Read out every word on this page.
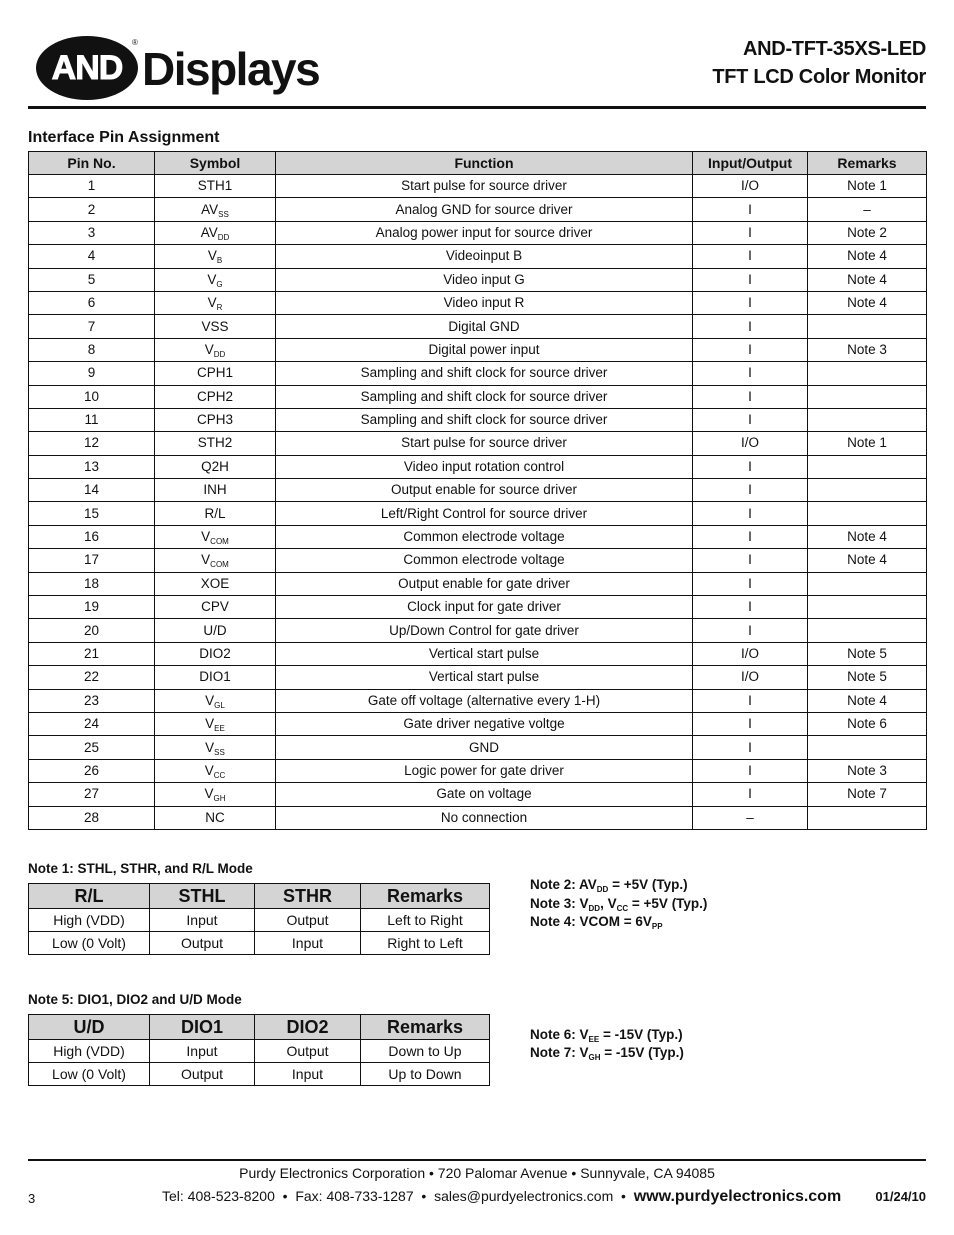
AND
®
Displays	AND-TFT-35XS-LED
TFT LCD Color Monitor
Interface Pin Assignment
Pin No.	Symbol	Function	Input/Output	Remarks
1	STH1	Start pulse for source driver	I/O	Note 1
2	$AV_{SS}$	Analog GND for source driver	I	–
3	$AV_{DD}$	Analog power input for source driver	I	Note 2
4	$V_B$	Videoinput B	I	Note 4
5	$V_G$	Video input G	I	Note 4
6	$V_R$	Video input R	I	Note 4
7	VSS	Digital GND	I	
8	$V_{DD}$	Digital power input	I	Note 3
9	CPH1	Sampling and shift clock for source driver	I	
10	CPH2	Sampling and shift clock for source driver	I	
11	CPH3	Sampling and shift clock for source driver	I	
12	STH2	Start pulse for source driver	I/O	Note 1
13	Q2H	Video input rotation control	I	
14	INH	Output enable for source driver	I	
15	R/L	Left/Right Control for source driver	I	
16	$V_{COM}$	Common electrode voltage	I	Note 4
17	$V_{COM}$	Common electrode voltage	I	Note 4
18	XOE	Output enable for gate driver	I	
19	CPV	Clock input for gate driver	I	
20	U/D	Up/Down Control for gate driver	I	
21	DIO2	Vertical start pulse	I/O	Note 5
22	DIO1	Vertical start pulse	I/O	Note 5
23	$V_{GL}$	Gate off voltage (alternative every 1-H)	I	Note 4
24	$V_{EE}$	Gate driver negative voltge	I	Note 6
25	$V_{SS}$	GND	I	
26	$V_{CC}$	Logic power for gate driver	I	Note 3
27	$V_{GH}$	Gate on voltage	I	Note 7
28	NC	No connection	–	
Note 1: STHL, STHR, and R/L Mode
R/L	STHL	STHR	Remarks
High (VDD)	Input	Output	Left to Right
Low (0 Volt)	Output	Input	Right to Left
Note 2: $AV_{DD} = +5V$ (Typ.)
Note 3: $V_{DD}$, $V_{CC} = +5V$ (Typ.)
Note 4: VCOM = $6V_{PP}$
Note 5: DIO1, DIO2 and U/D Mode
U/D	DIO1	DIO2	Remarks
High (VDD)	Input	Output	Down to Up
Low (0 Volt)	Output	Input	Up to Down
Note 6: $V_{EE} = -15V$ (Typ.)
Note 7: $V_{GH} = -15V$ (Typ.)
Purdy Electronics Corporation • 720 Palomar Avenue • Sunnyvale, CA 94085
3	Tel: 408-523-8200  •  Fax: 408-733-1287  •  sales@purdyelectronics.com  •  www.purdyelectronics.com	01/24/10
